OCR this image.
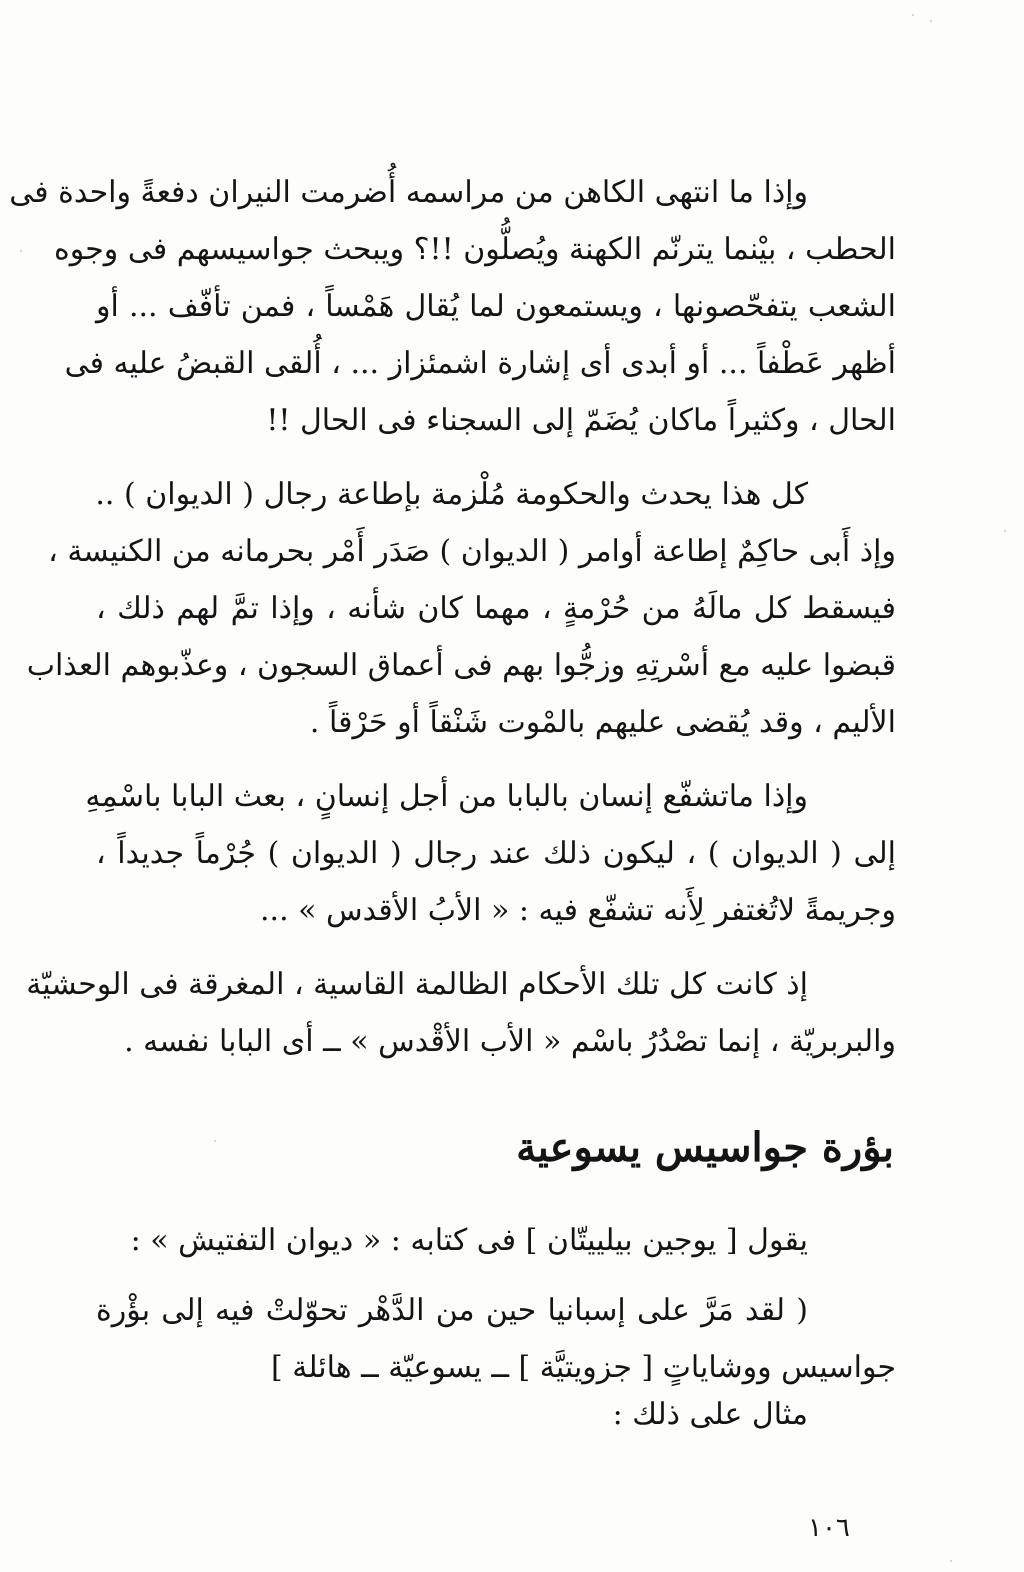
وإذا ما انتهى الكاهن من مراسمه أُضرمت النيران دفعةً واحدة فى
الحطب ، بيْنما يترنّم الكهنة ويُصلُّون !!؟ ويبحث جواسيسهم فى وجوه
الشعب يتفحّصونها ، ويستمعون لما يُقال هَمْساً ، فمن تأفّف ... أو
أظهر عَطْفاً ... أو أبدى أى إشارة اشمئزاز ... ، أُلقى القبضُ عليه فى
الحال ، وكثيراً ماكان يُضَمّ إلى السجناء فى الحال !!
كل هذا يحدث والحكومة مُلْزمة بإطاعة رجال ( الديوان ) ..
وإذ أَبى حاكِمٌ إطاعة أوامر ( الديوان ) صَدَر أَمْر بحرمانه من الكنيسة ،
فيسقط كل مالَهُ من حُرْمةٍ ، مهما كان شأنه ، وإذا تمَّ لهم ذلك ،
قبضوا عليه مع أسْرتِهِ وزجُّوا بهم فى أعماق السجون ، وعذّبوهم العذاب
الأليم ، وقد يُقضى عليهم بالمْوت شَنْقاً أو حَرْقاً .
وإذا ماتشفّع إنسان بالبابا من أجل إنسانٍ ، بعث البابا باسْمِهِ
إلى ( الديوان ) ، ليكون ذلك عند رجال ( الديوان ) جُرْماً جديداً ،
وجريمةً لاتُغتفر لِأَنه تشفّع فيه : « الأبُ الأقدس » ...
إذ كانت كل تلك الأحكام الظالمة القاسية ، المغرقة فى الوحشيّة
والبربريّة ، إنما تصْدُرُ باسْم « الأب الأقْدس » ــ أى البابا نفسه .
بؤرة جواسيس يسوعية
يقول [ يوجين بيلييتّان ] فى كتابه : « ديوان التفتيش » :
( لقد مَرَّ على إسبانيا حين من الدَّهْر تحوّلتْ فيه إلى بؤْرة
جواسيس ووشاياتٍ [ جزويتيَّة ] ــ يسوعيّة ــ هائلة ]
مثال على ذلك :
١٠٦
